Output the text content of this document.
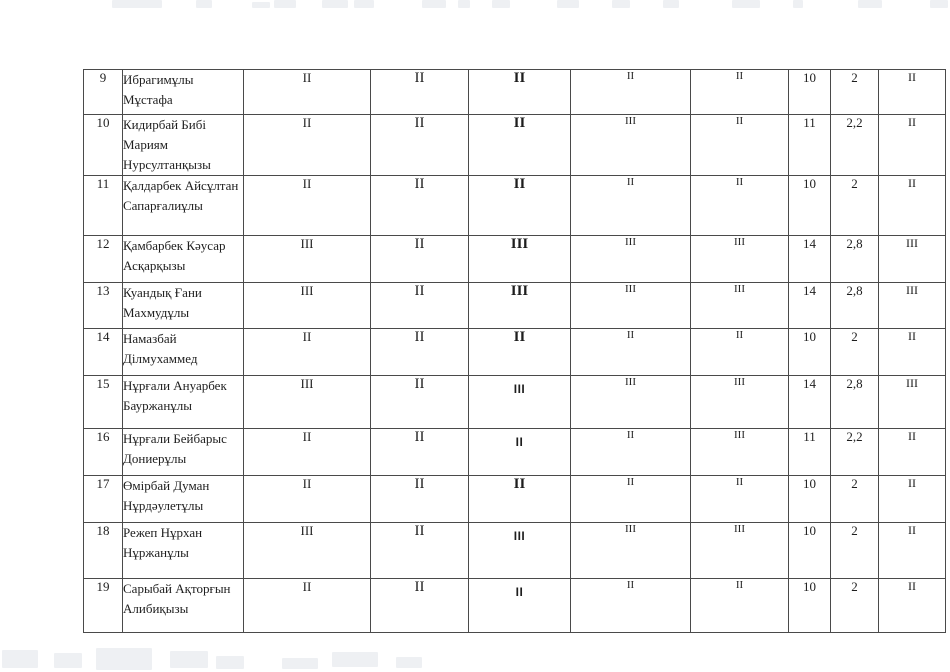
9	Ибрагимұлы Мұстафа	II	II	II	II	II	10	2	II
10	Кидирбай Бибі Мариям Нурсултанқызы	II	II	II	III	II	11	2,2	II
11	Қалдарбек Айсұлтан Сапарғалиұлы	II	II	II	II	II	10	2	II
12	Қамбарбек Кәусар Асқарқызы	III	II	III	III	III	14	2,8	III
13	Куандық Ғани Махмудұлы	III	II	III	III	III	14	2,8	III
14	Намазбай Ділмухаммед	II	II	II	II	II	10	2	II
15	Нұрғали Ануарбек Бауржанұлы	III	II	III	III	III	14	2,8	III
16	Нұрғали Бейбарыс Дониерұлы	II	II	II	II	III	11	2,2	II
17	Өмірбай Думан Нұрдәулетұлы	II	II	II	II	II	10	2	II
18	Режеп Нұрхан Нұржанұлы	III	II	III	III	III	10	2	II
19	Сарыбай Ақторғын Алибиқызы	II	II	II	II	II	10	2	II
